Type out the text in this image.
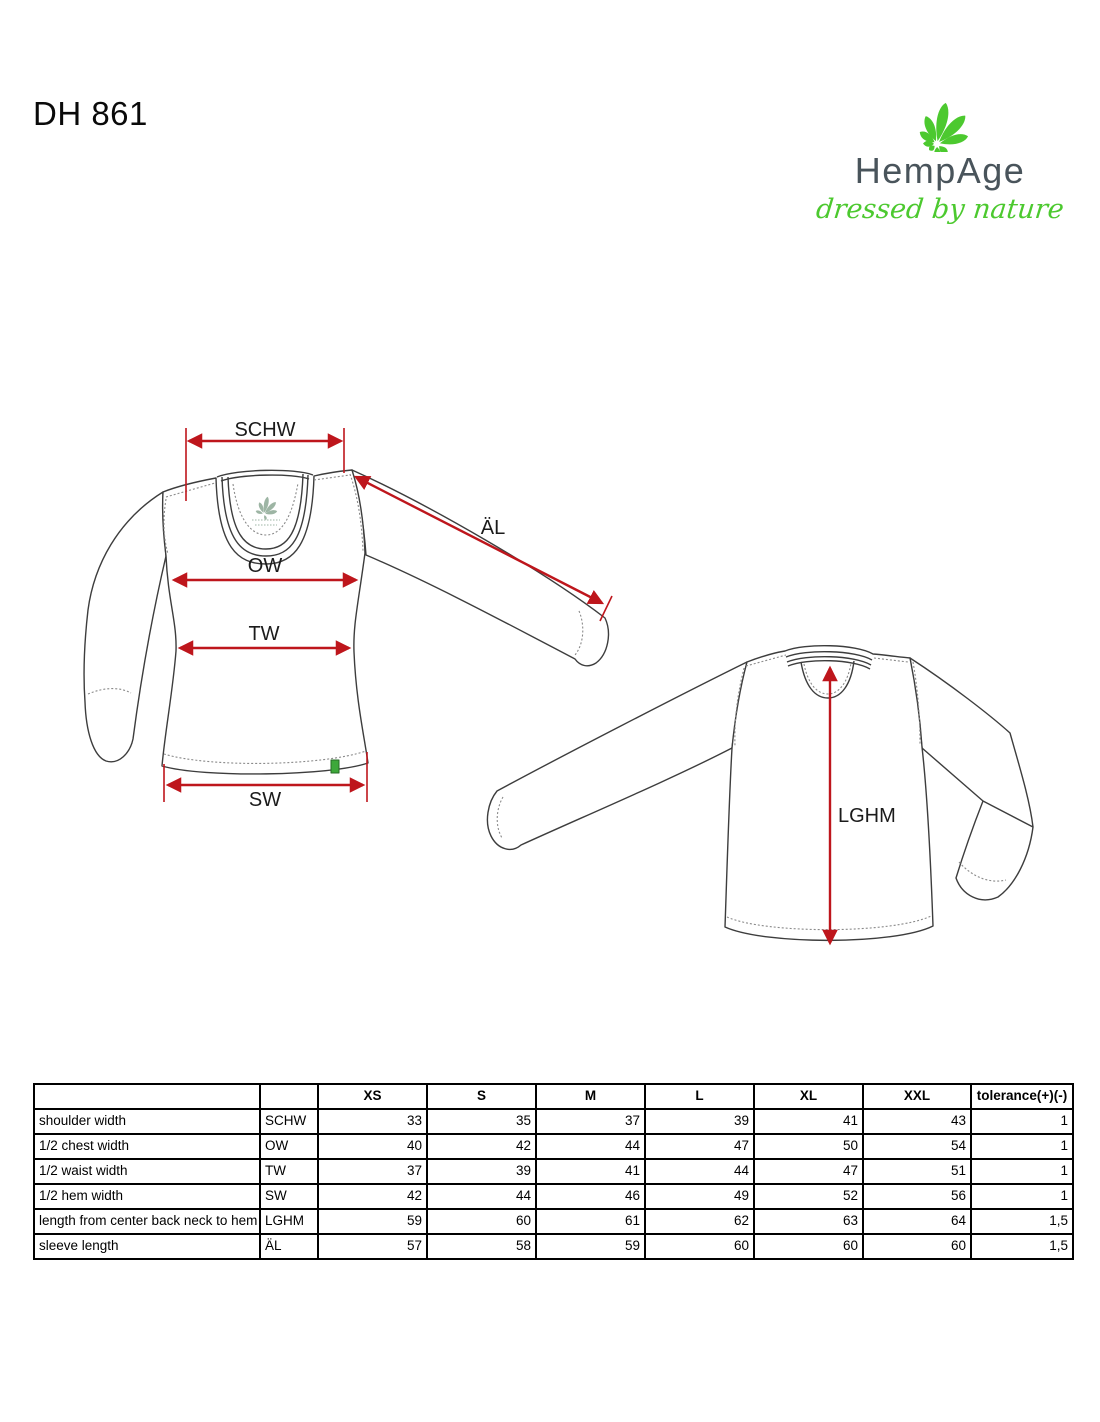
DH 861
HempAge
dressed by nature
SCHW
ÄL
OW
TW
SW
LGHM
		XS	S	M	L	XL	XXL	tolerance(+)(-)
shoulder width	SCHW	33	35	37	39	41	43	1
1/2 chest width	OW	40	42	44	47	50	54	1
1/2 waist width	TW	37	39	41	44	47	51	1
1/2 hem width	SW	42	44	46	49	52	56	1
length from center back neck to hem	LGHM	59	60	61	62	63	64	1,5
sleeve length	ÄL	57	58	59	60	60	60	1,5
